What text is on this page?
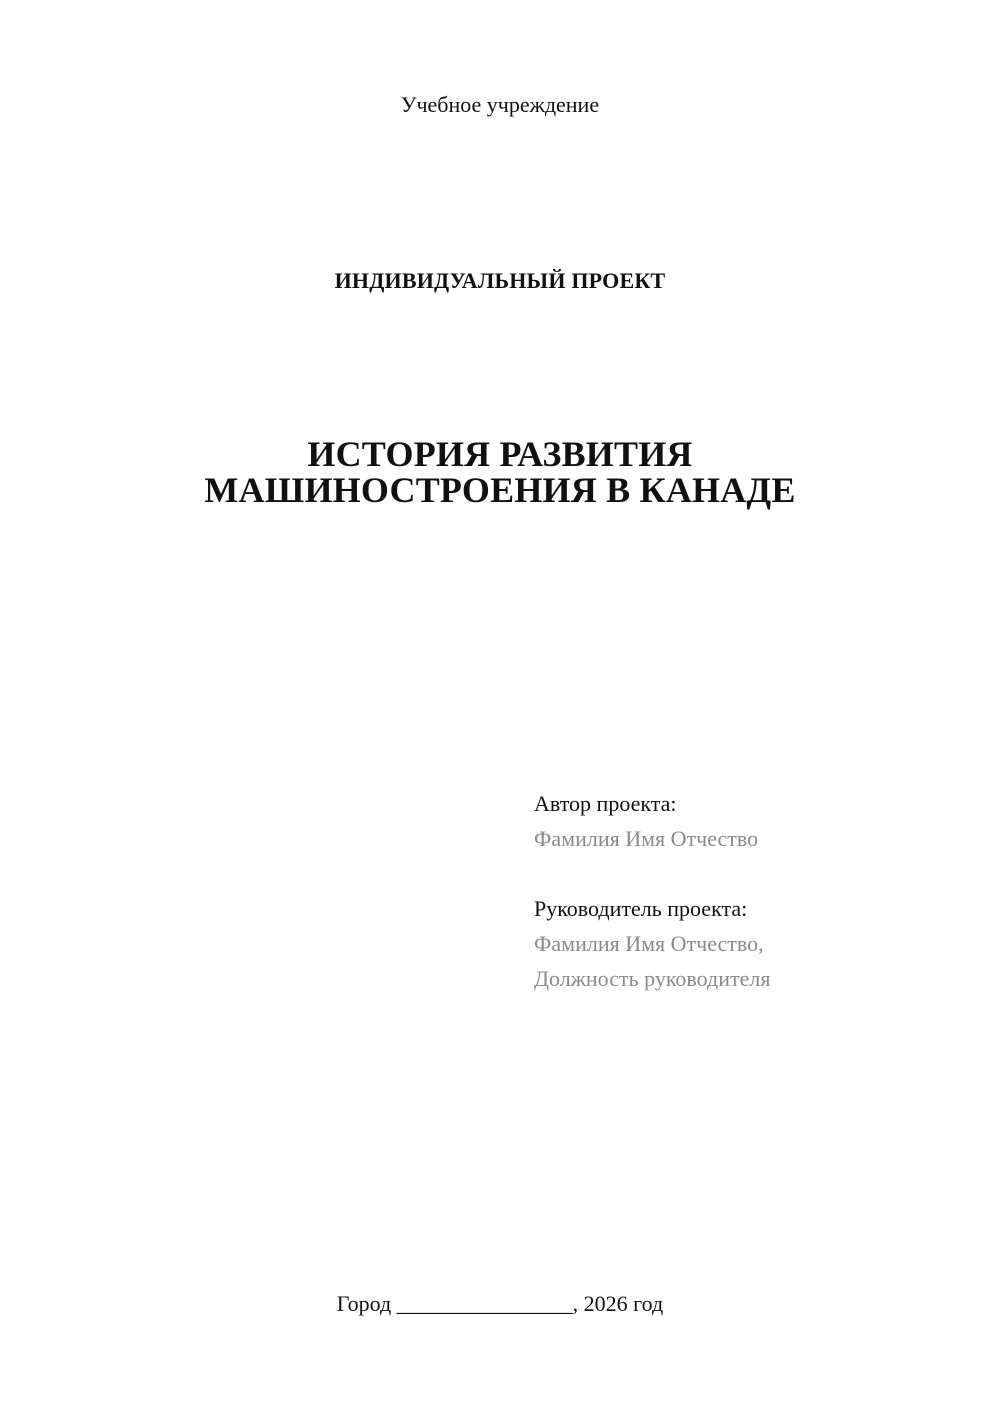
Учебное учреждение

ИНДИВИДУАЛЬНЫЙ ПРОЕКТ

ИСТОРИЯ РАЗВИТИЯ
МАШИНОСТРОЕНИЯ В КАНАДЕ
Автор проекта:
Фамилия Имя Отчество
Руководитель проекта:
Фамилия Имя Отчество,
Должность руководителя

Город ________________, 2026 год
